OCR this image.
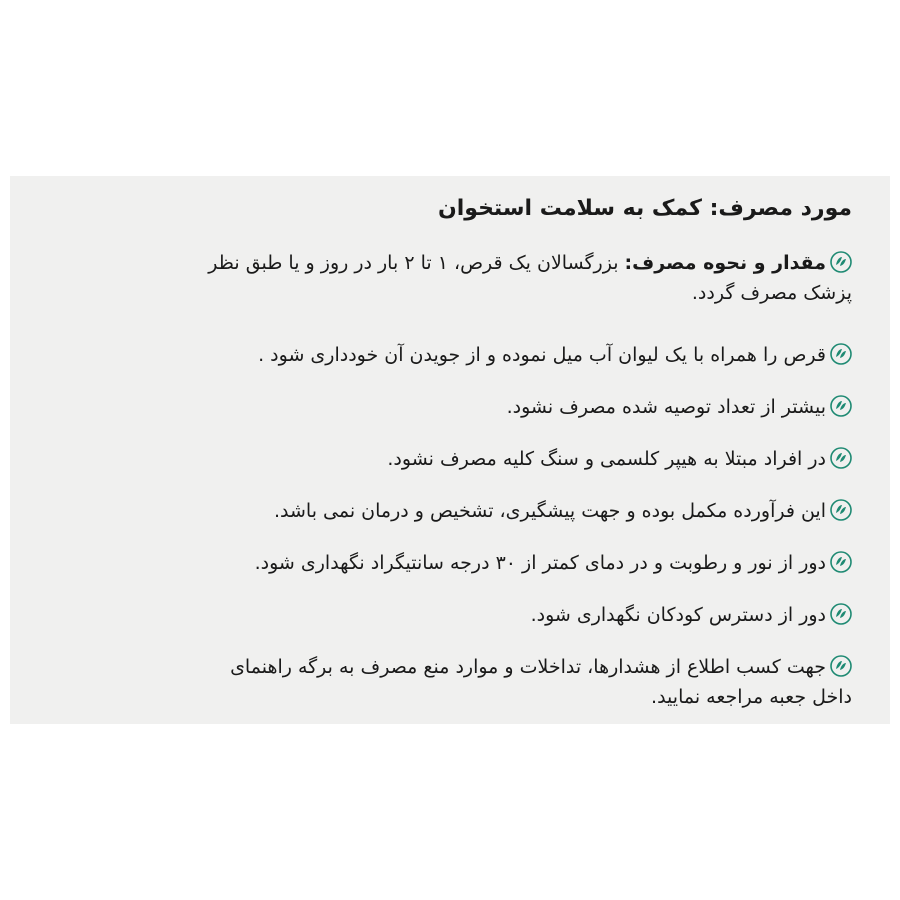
مورد مصرف: کمک به سلامت استخوان
مقدار و نحوه مصرف: بزرگسالان یک قرص، ۱ تا ۲ بار در روز و یا طبق نظر
پزشک مصرف گردد.
قرص را همراه با یک لیوان آب میل نموده و از جویدن آن خودداری شود .
بیشتر از تعداد توصیه شده مصرف نشود.
در افراد مبتلا به هیپر کلسمی و سنگ کلیه مصرف نشود.
این فرآورده مکمل بوده و جهت پیشگیری، تشخیص و درمان نمی باشد.
دور از نور و رطوبت و در دمای کمتر از ۳۰ درجه سانتیگراد نگهداری شود.
دور از دسترس کودکان نگهداری شود.
جهت کسب اطلاع از هشدارها، تداخلات و موارد منع مصرف به برگه راهنمای
داخل جعبه مراجعه نمایید.
